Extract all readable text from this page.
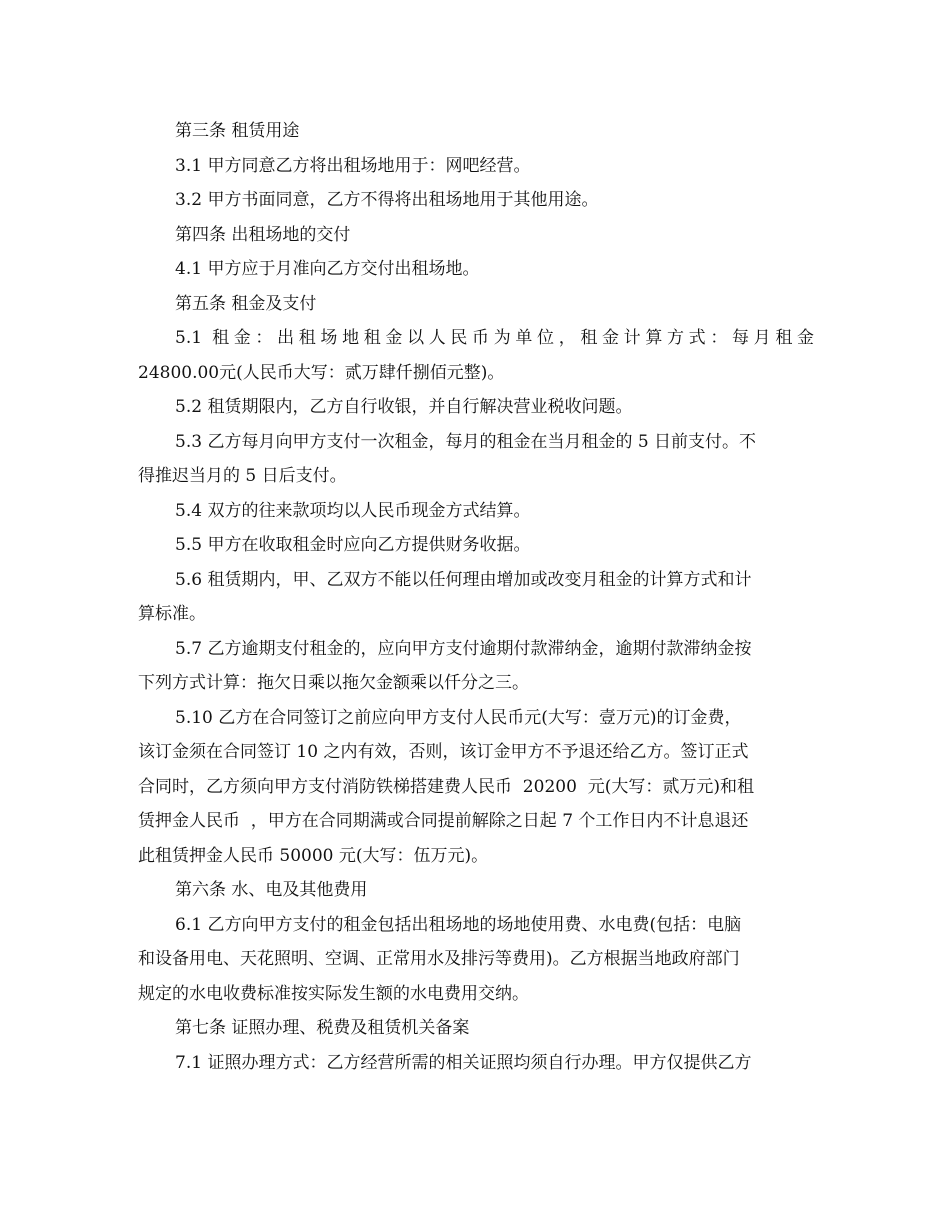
第三条 租赁用途

3.1 甲方同意乙方将出租场地用于：网吧经营。

3.2 甲方书面同意，乙方不得将出租场地用于其他用途。

第四条 出租场地的交付

4.1 甲方应于月准向乙方交付出租场地。

第五条 租金及支付

5.1 租金：出租场地租金以人民币为单位，租金计算方式：每月租金

24800.00元(人民币大写：贰万肆仟捌佰元整)。

5.2 租赁期限内，乙方自行收银，并自行解决营业税收问题。

5.3 乙方每月向甲方支付一次租金，每月的租金在当月租金的 5 日前支付。不

得推迟当月的 5 日后支付。

5.4 双方的往来款项均以人民币现金方式结算。

5.5 甲方在收取租金时应向乙方提供财务收据。

5.6 租赁期内，甲、乙双方不能以任何理由增加或改变月租金的计算方式和计

算标准。

5.7 乙方逾期支付租金的，应向甲方支付逾期付款滞纳金，逾期付款滞纳金按

下列方式计算：拖欠日乘以拖欠金额乘以仟分之三。

5.10 乙方在合同签订之前应向甲方支付人民币元(大写：壹万元)的订金费，

该订金须在合同签订 10 之内有效，否则，该订金甲方不予退还给乙方。签订正式

合同时，乙方须向甲方支付消防铁梯搭建费人民币  20200  元(大写：贰万元)和租

赁押金人民币  ，甲方在合同期满或合同提前解除之日起 7 个工作日内不计息退还

此租赁押金人民币 50000 元(大写：伍万元)。

第六条 水、电及其他费用

6.1 乙方向甲方支付的租金包括出租场地的场地使用费、水电费(包括：电脑

和设备用电、天花照明、空调、正常用水及排污等费用)。乙方根据当地政府部门

规定的水电收费标准按实际发生额的水电费用交纳。

第七条 证照办理、税费及租赁机关备案

7.1 证照办理方式：乙方经营所需的相关证照均须自行办理。甲方仅提供乙方
